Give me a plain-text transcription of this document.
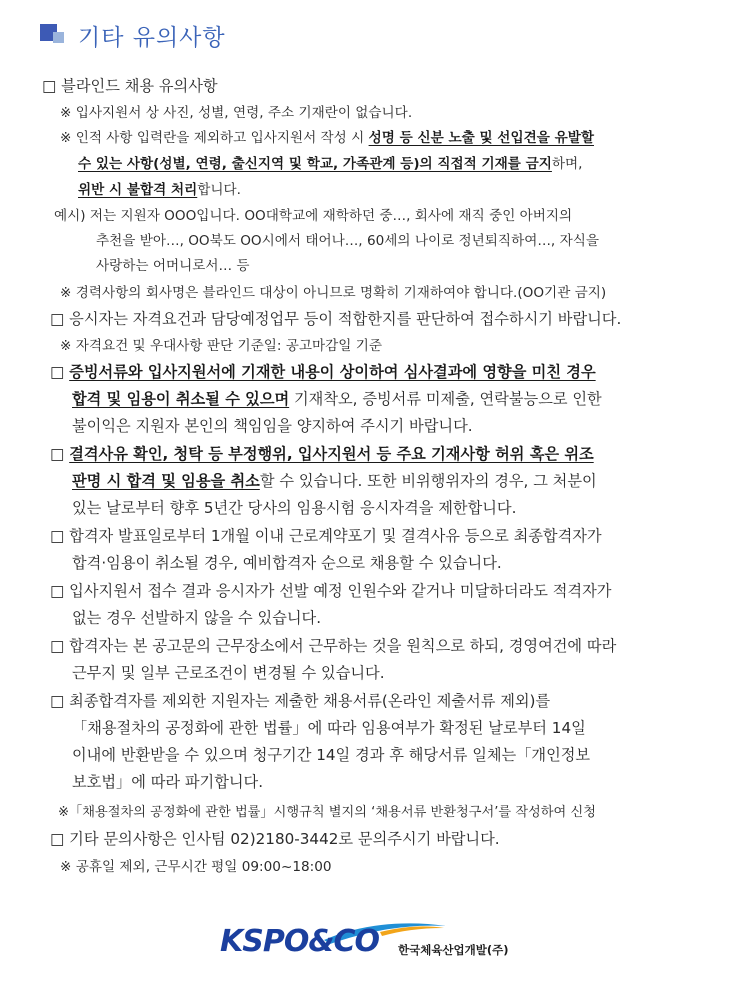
기타 유의사항
□ 블라인드 채용 유의사항
※ 입사지원서 상 사진, 성별, 연령, 주소 기재란이 없습니다.
※ 인적 사항 입력란을 제외하고 입사지원서 작성 시 성명 등 신분 노출 및 선입견을 유발할
수 있는 사항(성별, 연령, 출신지역 및 학교, 가족관계 등)의 직접적 기재를 금지하며,
위반 시 불합격 처리합니다.
예시) 저는 지원자 OOO입니다. OO대학교에 재학하던 중…, 회사에 재직 중인 아버지의
추천을 받아…, OO북도 OO시에서 태어나…, 60세의 나이로 정년퇴직하여…, 자식을
사랑하는 어머니로서… 등
※ 경력사항의 회사명은 블라인드 대상이 아니므로 명확히 기재하여야 합니다.(OO기관 금지)
□ 응시자는 자격요건과 담당예정업무 등이 적합한지를 판단하여 접수하시기 바랍니다.
※ 자격요건 및 우대사항 판단 기준일: 공고마감일 기준
□ 증빙서류와 입사지원서에 기재한 내용이 상이하여 심사결과에 영향을 미친 경우
합격 및 임용이 취소될 수 있으며 기재착오, 증빙서류 미제출, 연락불능으로 인한
불이익은 지원자 본인의 책임임을 양지하여 주시기 바랍니다.
□ 결격사유 확인, 청탁 등 부정행위, 입사지원서 등 주요 기재사항 허위 혹은 위조
판명 시 합격 및 임용을 취소할 수 있습니다. 또한 비위행위자의 경우, 그 처분이
있는 날로부터 향후 5년간 당사의 임용시험 응시자격을 제한합니다.
□ 합격자 발표일로부터 1개월 이내 근로계약포기 및 결격사유 등으로 최종합격자가
합격·임용이 취소될 경우, 예비합격자 순으로 채용할 수 있습니다.
□ 입사지원서 접수 결과 응시자가 선발 예정 인원수와 같거나 미달하더라도 적격자가
없는 경우 선발하지 않을 수 있습니다.
□ 합격자는 본 공고문의 근무장소에서 근무하는 것을 원칙으로 하되, 경영여건에 따라
근무지 및 일부 근로조건이 변경될 수 있습니다.
□ 최종합격자를 제외한 지원자는 제출한 채용서류(온라인 제출서류 제외)를
「채용절차의 공정화에 관한 법률」에 따라 임용여부가 확정된 날로부터 14일
이내에 반환받을 수 있으며 청구기간 14일 경과 후 해당서류 일체는「개인정보
보호법」에 따라 파기합니다.
※「채용절차의 공정화에 관한 법률」시행규칙 별지의 ‘채용서류 반환청구서’를 작성하여 신청
□ 기타 문의사항은 인사팀 02)2180-3442로 문의주시기 바랍니다.
※ 공휴일 제외, 근무시간 평일 09:00~18:00
KSPO&CO 한국체육산업개발(주)
